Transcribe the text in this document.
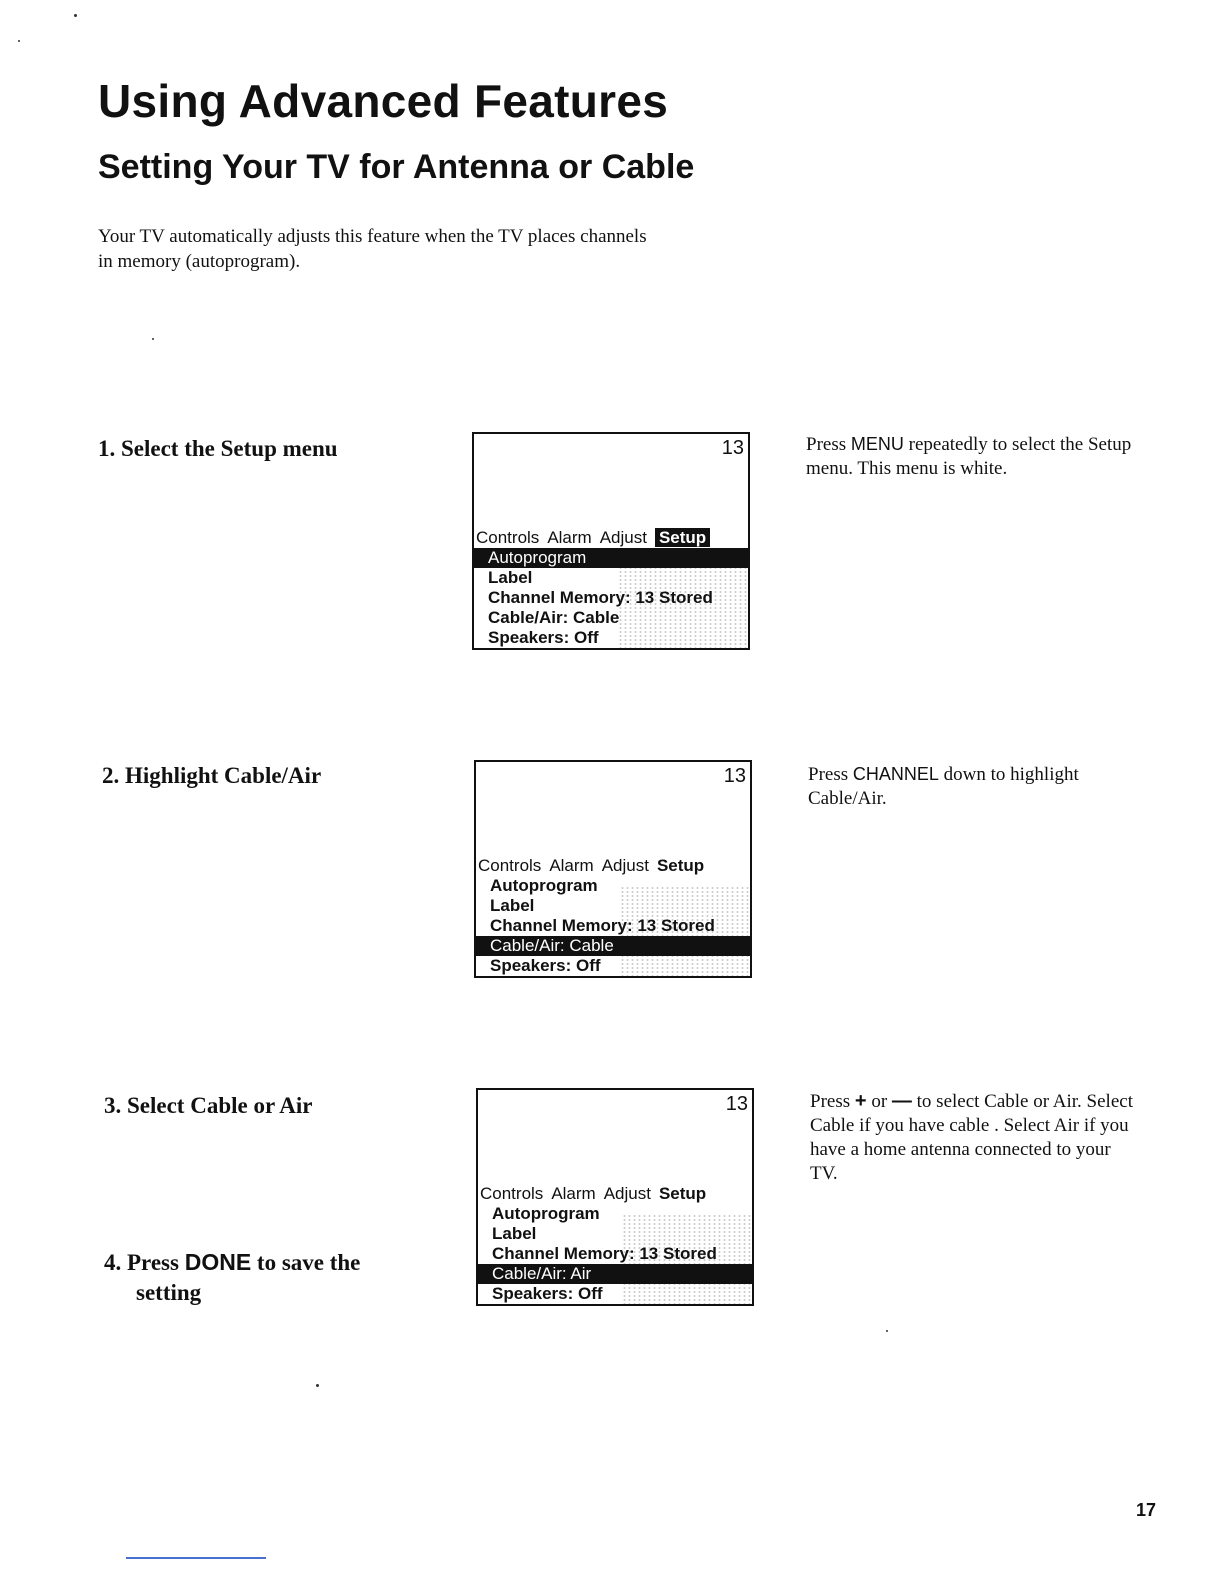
Using Advanced Features
Setting Your TV for Antenna or Cable

Your TV automatically adjusts this feature when the TV places channels
in memory (autoprogram).

1. Select the Setup menu	13
Controls Alarm Adjust Setup
Autoprogram
Label
Channel Memory: 13 Stored
Cable/Air: Cable
Speakers: Off

Press MENU repeatedly to select the Setup menu. This menu is white.

2. Highlight Cable/Air	13
Controls Alarm Adjust Setup
Autoprogram
Label
Channel Memory: 13 Stored
Cable/Air: Cable
Speakers: Off

Press CHANNEL down to highlight Cable/Air.

3. Select Cable or Air	13
Controls Alarm Adjust Setup
Autoprogram
Label
Channel Memory: 13 Stored
Cable/Air: Air
Speakers: Off

Press + or — to select Cable or Air. Select Cable if you have cable . Select Air if you have a home antenna connected to your TV.

4. Press DONE to save the
setting

17
